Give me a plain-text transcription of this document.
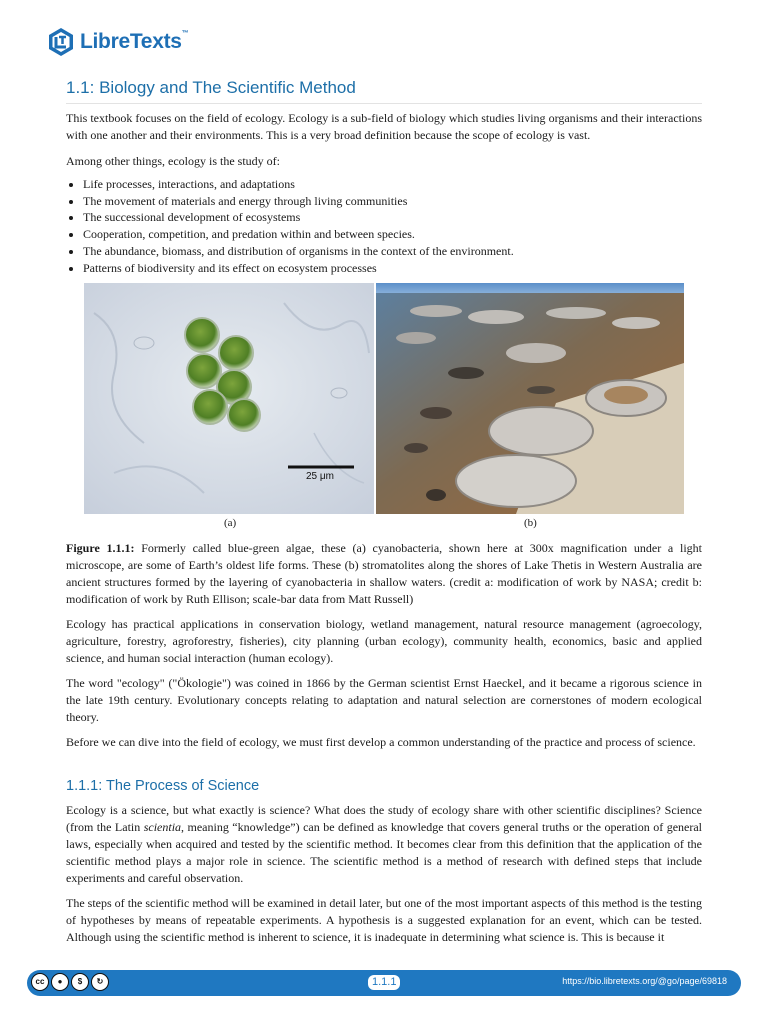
LibreTexts™
1.1: Biology and The Scientific Method

This textbook focuses on the field of ecology. Ecology is a sub-field of biology which studies living organisms and their interactions with one another and their environments. This is a very broad definition because the scope of ecology is vast.

Among other things, ecology is the study of:

• Life processes, interactions, and adaptations
• The movement of materials and energy through living communities
• The successional development of ecosystems
• Cooperation, competition, and predation within and between species.
• The abundance, biomass, and distribution of organisms in the context of the environment.
• Patterns of biodiversity and its effect on ecosystem processes
25 μm
(a)	(b)

Figure 1.1.1: Formerly called blue-green algae, these (a) cyanobacteria, shown here at 300x magnification under a light microscope, are some of Earth’s oldest life forms. These (b) stromatolites along the shores of Lake Thetis in Western Australia are ancient structures formed by the layering of cyanobacteria in shallow waters. (credit a: modification of work by NASA; credit b: modification of work by Ruth Ellison; scale-bar data from Matt Russell)

Ecology has practical applications in conservation biology, wetland management, natural resource management (agroecology, agriculture, forestry, agroforestry, fisheries), city planning (urban ecology), community health, economics, basic and applied science, and human social interaction (human ecology).

The word "ecology" ("Ökologie") was coined in 1866 by the German scientist Ernst Haeckel, and it became a rigorous science in the late 19th century. Evolutionary concepts relating to adaptation and natural selection are cornerstones of modern ecological theory.

Before we can dive into the field of ecology, we must first develop a common understanding of the practice and process of science.

1.1.1: The Process of Science

Ecology is a science, but what exactly is science? What does the study of ecology share with other scientific disciplines? Science (from the Latin scientia, meaning “knowledge”) can be defined as knowledge that covers general truths or the operation of general laws, especially when acquired and tested by the scientific method. It becomes clear from this definition that the application of the scientific method plays a major role in science. The scientific method is a method of research with defined steps that include experiments and careful observation.

The steps of the scientific method will be examined in detail later, but one of the most important aspects of this method is the testing of hypotheses by means of repeatable experiments. A hypothesis is a suggested explanation for an event, which can be tested. Although using the scientific method is inherent to science, it is inadequate in determining what science is. This is because it

cc	●	$	↻	1.1.1	https://bio.libretexts.org/@go/page/69818
